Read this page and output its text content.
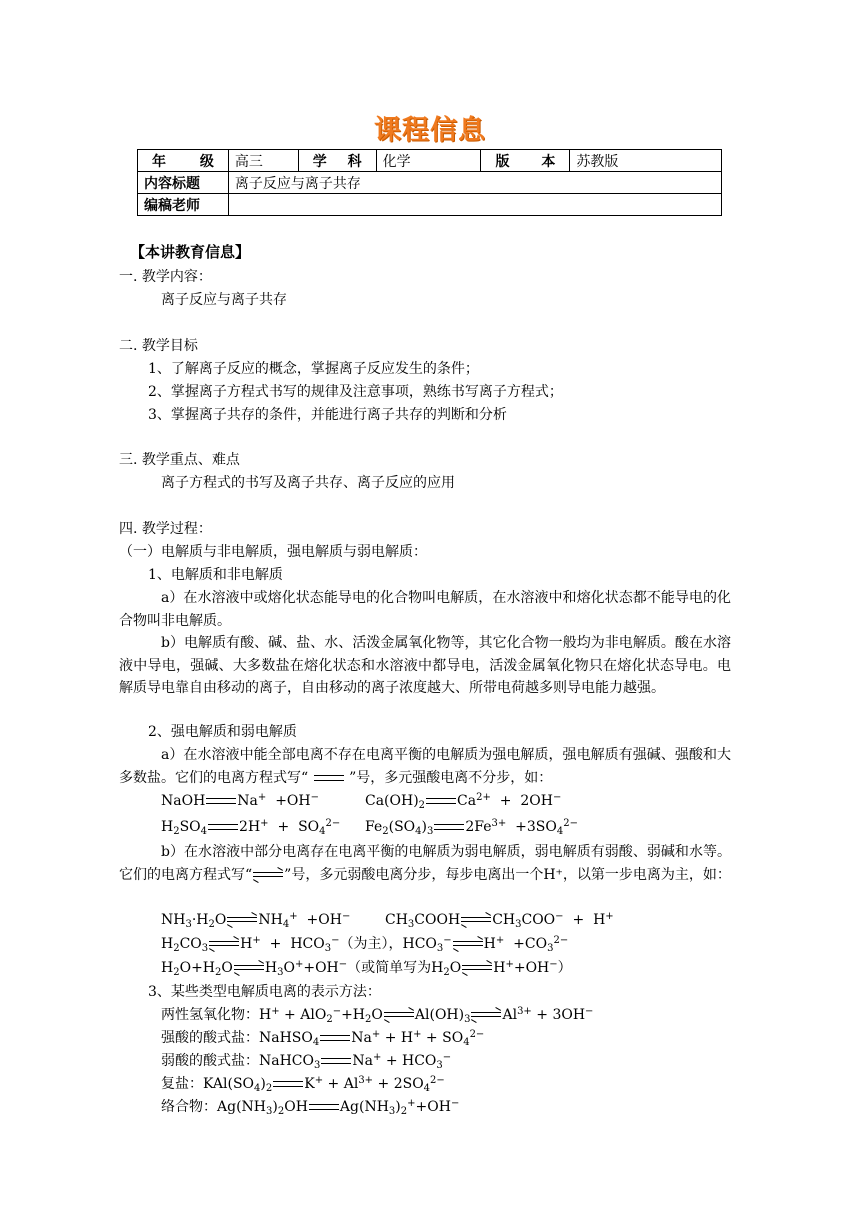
课程信息
年 级	高三	学 科	化学	版 本	苏教版
内容标题	离子反应与离子共存				
编稿老师					
【本讲教育信息】
一. 教学内容：
离子反应与离子共存
二. 教学目标
1、了解离子反应的概念，掌握离子反应发生的条件；
2、掌握离子方程式书写的规律及注意事项，熟练书写离子方程式；
3、掌握离子共存的条件，并能进行离子共存的判断和分析
三. 教学重点、难点
离子方程式的书写及离子共存、离子反应的应用
四. 教学过程：
（一）电解质与非电解质，强电解质与弱电解质：
1、电解质和非电解质
a）在水溶液中或熔化状态能导电的化合物叫电解质，在水溶液中和熔化状态都不能导电的化合物叫非电解质。
b）电解质有酸、碱、盐、水、活泼金属氧化物等，其它化合物一般均为非电解质。酸在水溶液中导电，强碱、大多数盐在熔化状态和水溶液中都导电，活泼金属氧化物只在熔化状态导电。电解质导电靠自由移动的离子，自由移动的离子浓度越大、所带电荷越多则导电能力越强。
2、强电解质和弱电解质
a）在水溶液中能全部电离不存在电离平衡的电解质为强电解质，强电解质有强碱、强酸和大多数盐。它们的电离方程式写“	”号，多元强酸电离不分步，如：
NaOH Na+  +OH−	$Ca(OH)_2$ $Ca^{2+} + 2OH^-$
$H_2SO_4$ $2H^+ + SO_4^{2-}$ $Fe_2(SO_4)_3$ $2Fe^{3+} +3SO_4^{2-}$
b）在水溶液中部分电离存在电离平衡的电解质为弱电解质，弱电解质有弱酸、弱碱和水等。它们的电离方程式写“ ”号，多元弱酸电离分步，每步电离出一个H⁺，以第一步电离为主，如：
$NH_3\cdot H_2O$ $NH_4^+ +OH^-$ $CH_3COOH$ $CH_3COO^- + H^+$
$H_2CO_3$ $H^+ + HCO_3^-$（为主），$HCO_3^-$ $H^+ +CO_3^{2-}$
$H_2O+H_2O$ $H_3O^++OH^-$（或简单写为$H_2O$ H++OH−）
3、某些类型电解质电离的表示方法：
两性氢氧化物：$H^+ + AlO_2^-+H_2O$ $Al(OH)_3$ $Al^{3+} + 3OH^-$
强酸的酸式盐：NaHSO$_4$ $Na^+ + H^+ + SO_4^{2-}$
弱酸的酸式盐：NaHCO$_3$ $Na^+ + HCO_3^-$
复盐：$KAl(SO_4)_2$ $K^+ + Al^{3+} + 2SO_4^{2-}$
络合物：$Ag(NH_3)_2OH$ $Ag(NH_3)_2^++OH^-$
